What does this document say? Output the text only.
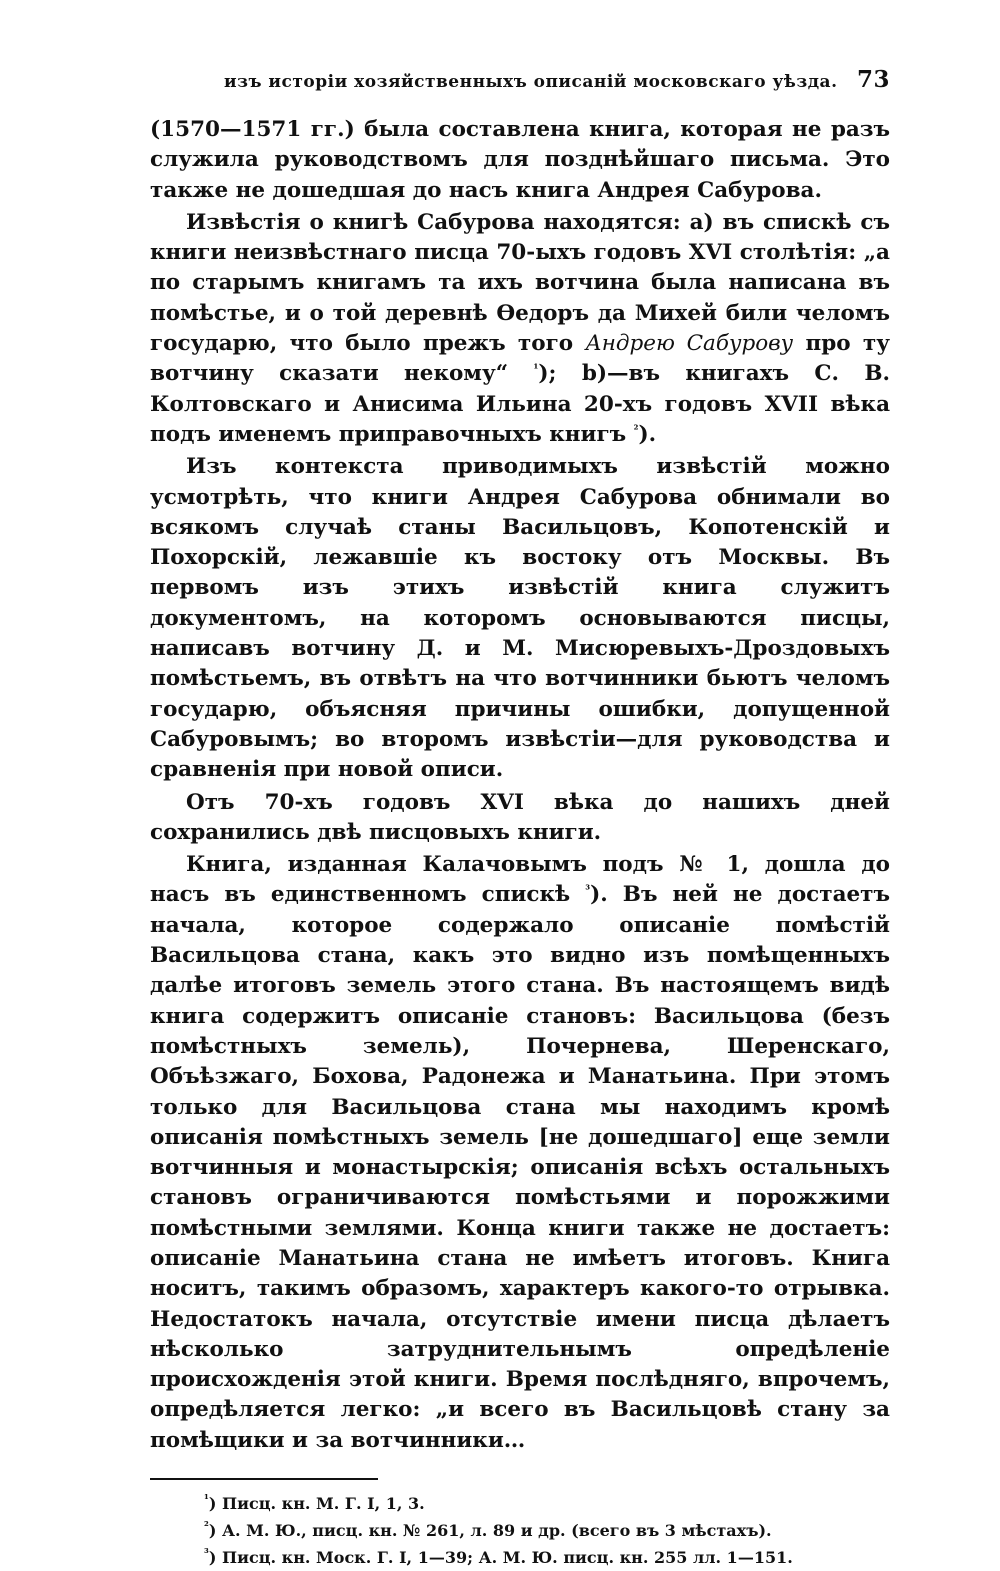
изъ исторіи хозяйственныхъ описаній московскаго уѣзда. 73

(1570—1571 гг.) была составлена книга, которая не разъ служила руководствомъ для позднѣйшаго письма. Это также не дошедшая до насъ книга Андрея Сабурова.

Извѣстія о книгѣ Сабурова находятся: а) въ спискѣ съ книги неизвѣстнаго писца 70-ыхъ годовъ XVI столѣтія: „а по старымъ книгамъ та ихъ вотчина была написана въ помѣстье, и о той деревнѣ Ѳедоръ да Михей били челомъ государю, что было прежъ того Андрею Сабурову про ту вотчину сказати некому“ $^{^1}$); b)—въ книгахъ С. В. Колтовскаго и Анисима Ильина 20-хъ годовъ XVII вѣка подъ именемъ приправочныхъ книгъ $^{^2}$).

Изъ контекста приводимыхъ извѣстій можно усмотрѣть, что книги Андрея Сабурова обнимали во всякомъ случаѣ станы Васильцовъ, Копотенскій и Похорскій, лежавшіе къ востоку отъ Москвы. Въ первомъ изъ этихъ извѣстій книга служитъ документомъ, на которомъ основываются писцы, написавъ вотчину Д. и М. Мисюревыхъ-Дроздовыхъ помѣстьемъ, въ отвѣтъ на что вотчинники бьютъ челомъ государю, объясняя причины ошибки, допущенной Сабуровымъ; во второмъ извѣстіи—для руководства и сравненія при новой описи.

Отъ 70-хъ годовъ XVI вѣка до нашихъ дней сохранились двѣ писцовыхъ книги.

Книга, изданная Калачовымъ подъ № 1, дошла до насъ въ единственномъ спискѣ $^{^3}$). Въ ней не достаетъ начала, которое содержало описаніе помѣстій Васильцова стана, какъ это видно изъ помѣщенныхъ далѣе итоговъ земель этого стана. Въ настоящемъ видѣ книга содержитъ описаніе становъ: Васильцова (безъ помѣстныхъ земель), Почернева, Шеренскаго, Объѣзжаго, Бохова, Радонежа и Манатьина. При этомъ только для Васильцова стана мы находимъ кромѣ описанія помѣстныхъ земель [не дошедшаго] еще земли вотчинныя и монастырскія; описанія всѣхъ остальныхъ становъ ограничиваются помѣстьями и порожжими помѣстными землями. Конца книги также не достаетъ: описаніе Манатьина стана не имѣетъ итоговъ. Книга носитъ, такимъ образомъ, характеръ какого-то отрывка. Недостатокъ начала, отсутствіе имени писца дѣлаетъ нѣсколько затруднительнымъ опредѣленіе происхожденія этой книги. Время послѣдняго, впрочемъ, опредѣляется легко: „и всего въ Васильцовѣ стану за помѣщики и за вотчинники…

$^{^1}$) Писц. кн. М. Г. I, 1, 3.

$^{^2}$) А. М. Ю., писц. кн. № 261, л. 89 и др. (всего въ 3 мѣстахъ).

$^{^3}$) Писц. кн. Моск. Г. I, 1—39; А. М. Ю. писц. кн. 255 лл. 1—151.
